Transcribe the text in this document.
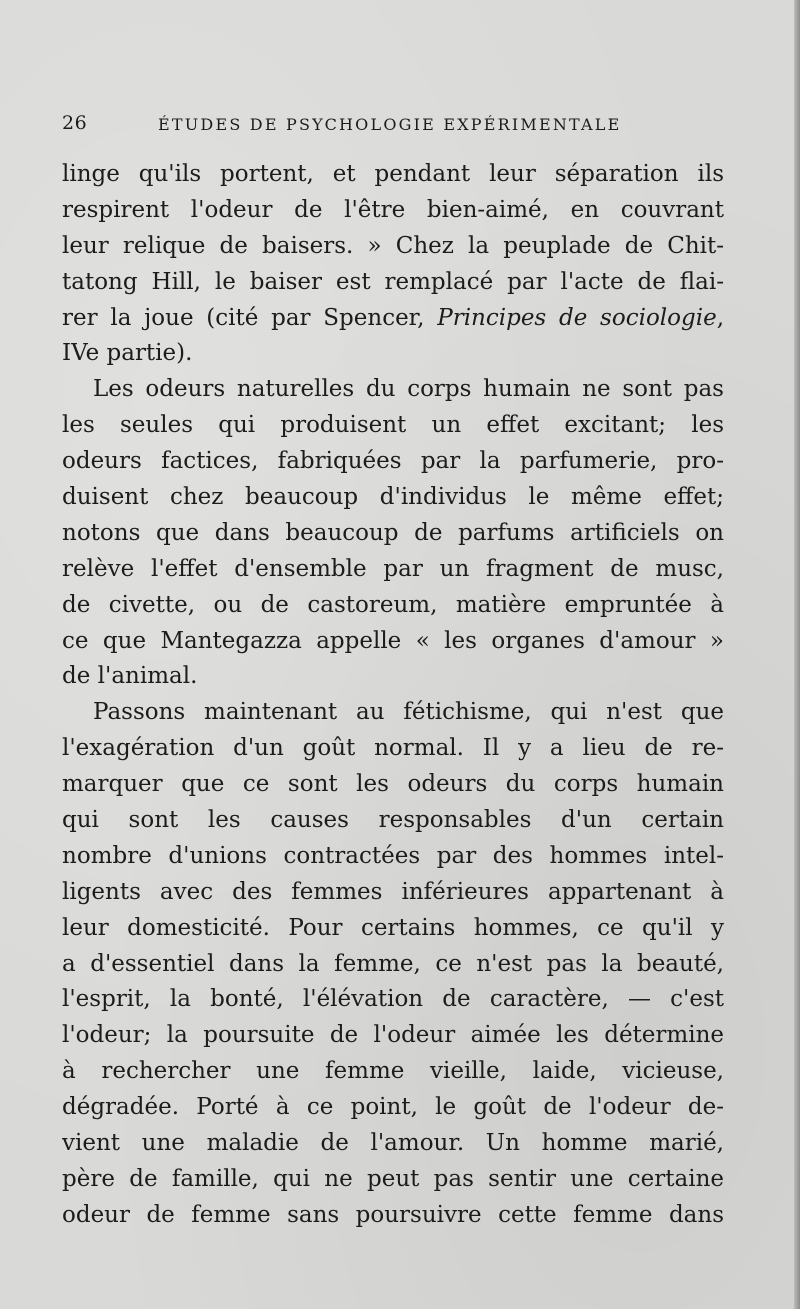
26	ÉTUDES DE PSYCHOLOGIE EXPÉRIMENTALE
linge qu'ils portent, et pendant leur séparation ils
respirent l'odeur de l'être bien-aimé, en couvrant
leur relique de baisers. » Chez la peuplade de Chit-
tatong Hill, le baiser est remplacé par l'acte de flai-
rer la joue (cité par Spencer, Principes de sociologie,
IVe partie).
Les odeurs naturelles du corps humain ne sont pas
les seules qui produisent un effet excitant; les
odeurs factices, fabriquées par la parfumerie, pro-
duisent chez beaucoup d'individus le même effet;
notons que dans beaucoup de parfums artificiels on
relève l'effet d'ensemble par un fragment de musc,
de civette, ou de castoreum, matière empruntée à
ce que Mantegazza appelle « les organes d'amour »
de l'animal.
Passons maintenant au fétichisme, qui n'est que
l'exagération d'un goût normal. Il y a lieu de re-
marquer que ce sont les odeurs du corps humain
qui sont les causes responsables d'un certain
nombre d'unions contractées par des hommes intel-
ligents avec des femmes inférieures appartenant à
leur domesticité. Pour certains hommes, ce qu'il y
a d'essentiel dans la femme, ce n'est pas la beauté,
l'esprit, la bonté, l'élévation de caractère, — c'est
l'odeur; la poursuite de l'odeur aimée les détermine
à rechercher une femme vieille, laide, vicieuse,
dégradée. Porté à ce point, le goût de l'odeur de-
vient une maladie de l'amour. Un homme marié,
père de famille, qui ne peut pas sentir une certaine
odeur de femme sans poursuivre cette femme dans
